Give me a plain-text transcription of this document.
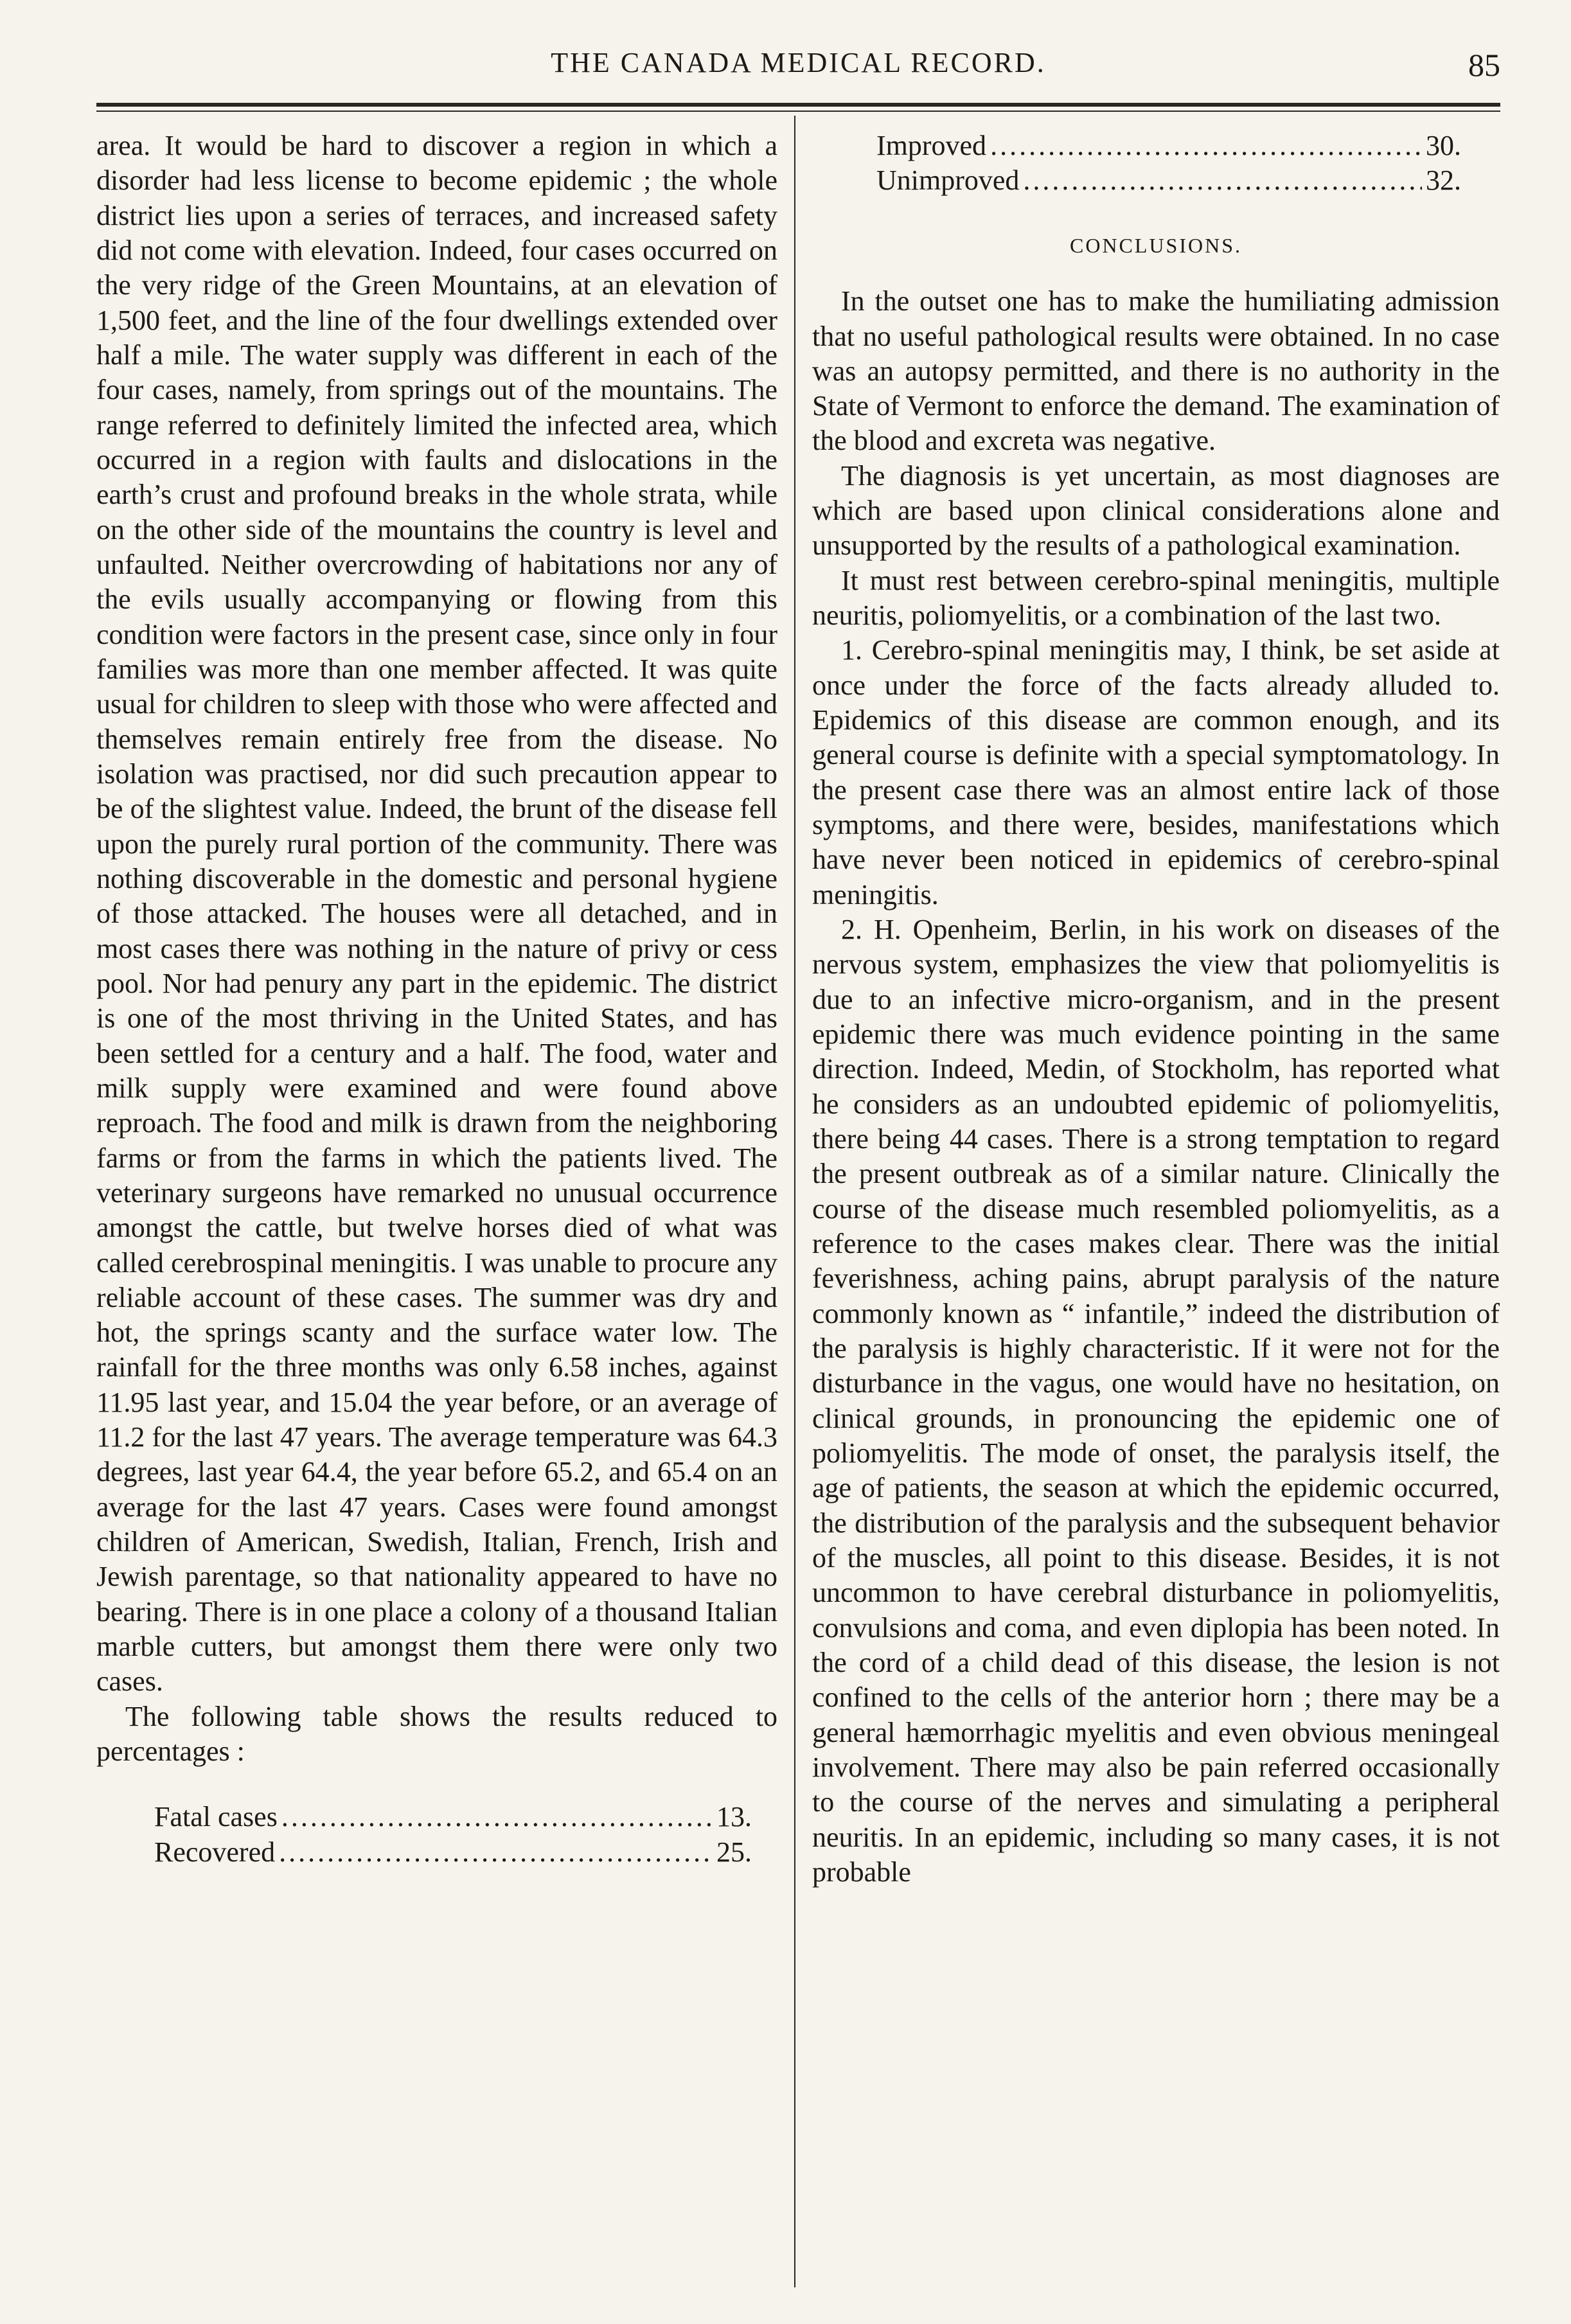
THE CANADA MEDICAL RECORD.	85

area. It would be hard to discover a region in which a disorder had less license to become epidemic ; the whole district lies upon a series of terraces, and increased safety did not come with elevation. Indeed, four cases occurred on the very ridge of the Green Mountains, at an elevation of 1,500 feet, and the line of the four dwellings extended over half a mile. The water supply was different in each of the four cases, namely, from springs out of the mountains. The range referred to definitely limited the infected area, which occurred in a region with faults and dislocations in the earth’s crust and profound breaks in the whole strata, while on the other side of the mountains the country is level and unfaulted. Neither overcrowding of habitations nor any of the evils usually accompanying or flowing from this condition were factors in the present case, since only in four families was more than one member affected. It was quite usual for children to sleep with those who were affected and themselves remain entirely free from the disease. No isolation was practised, nor did such precaution appear to be of the slightest value. Indeed, the brunt of the disease fell upon the purely rural portion of the community. There was nothing discoverable in the domestic and personal hygiene of those attacked. The houses were all detached, and in most cases there was nothing in the nature of privy or cess pool. Nor had penury any part in the epidemic. The district is one of the most thriving in the United States, and has been settled for a century and a half. The food, water and milk supply were examined and were found above reproach. The food and milk is drawn from the neighboring farms or from the farms in which the patients lived. The veterinary surgeons have remarked no unusual occurrence amongst the cattle, but twelve horses died of what was called cerebrospinal meningitis. I was unable to procure any reliable account of these cases. The summer was dry and hot, the springs scanty and the surface water low. The rainfall for the three months was only 6.58 inches, against 11.95 last year, and 15.04 the year before, or an average of 11.2 for the last 47 years. The average temperature was 64.3 degrees, last year 64.4, the year before 65.2, and 65.4 on an average for the last 47 years. Cases were found amongst children of American, Swedish, Italian, French, Irish and Jewish parentage, so that nationality appeared to have no bearing. There is in one place a colony of a thousand Italian marble cutters, but amongst them there were only two cases.

The following table shows the results reduced to percentages :

Fatal cases .....	13.
Recovered .....	25.
Improved .....	30.
Unimproved .....	32.

CONCLUSIONS.

In the outset one has to make the humiliating admission that no useful pathological results were obtained. In no case was an autopsy permitted, and there is no authority in the State of Vermont to enforce the demand. The examination of the blood and excreta was negative.

The diagnosis is yet uncertain, as most diagnoses are which are based upon clinical considerations alone and unsupported by the results of a pathological examination.

It must rest between cerebro-spinal meningitis, multiple neuritis, poliomyelitis, or a combination of the last two.

1. Cerebro-spinal meningitis may, I think, be set aside at once under the force of the facts already alluded to. Epidemics of this disease are common enough, and its general course is definite with a special symptomatology. In the present case there was an almost entire lack of those symptoms, and there were, besides, manifestations which have never been noticed in epidemics of cerebro-spinal meningitis.

2. H. Openheim, Berlin, in his work on diseases of the nervous system, emphasizes the view that poliomyelitis is due to an infective micro-organism, and in the present epidemic there was much evidence pointing in the same direction. Indeed, Medin, of Stockholm, has reported what he considers as an undoubted epidemic of poliomyelitis, there being 44 cases. There is a strong temptation to regard the present outbreak as of a similar nature. Clinically the course of the disease much resembled poliomyelitis, as a reference to the cases makes clear. There was the initial feverishness, aching pains, abrupt paralysis of the nature commonly known as “ infantile,” indeed the distribution of the paralysis is highly characteristic. If it were not for the disturbance in the vagus, one would have no hesitation, on clinical grounds, in pronouncing the epidemic one of poliomyelitis. The mode of onset, the paralysis itself, the age of patients, the season at which the epidemic occurred, the distribution of the paralysis and the subsequent behavior of the muscles, all point to this disease. Besides, it is not uncommon to have cerebral disturbance in poliomyelitis, convulsions and coma, and even diplopia has been noted. In the cord of a child dead of this disease, the lesion is not confined to the cells of the anterior horn ; there may be a general hæmorrhagic myelitis and even obvious meningeal involvement. There may also be pain referred occasionally to the course of the nerves and simulating a peripheral neuritis. In an epidemic, including so many cases, it is not probable
